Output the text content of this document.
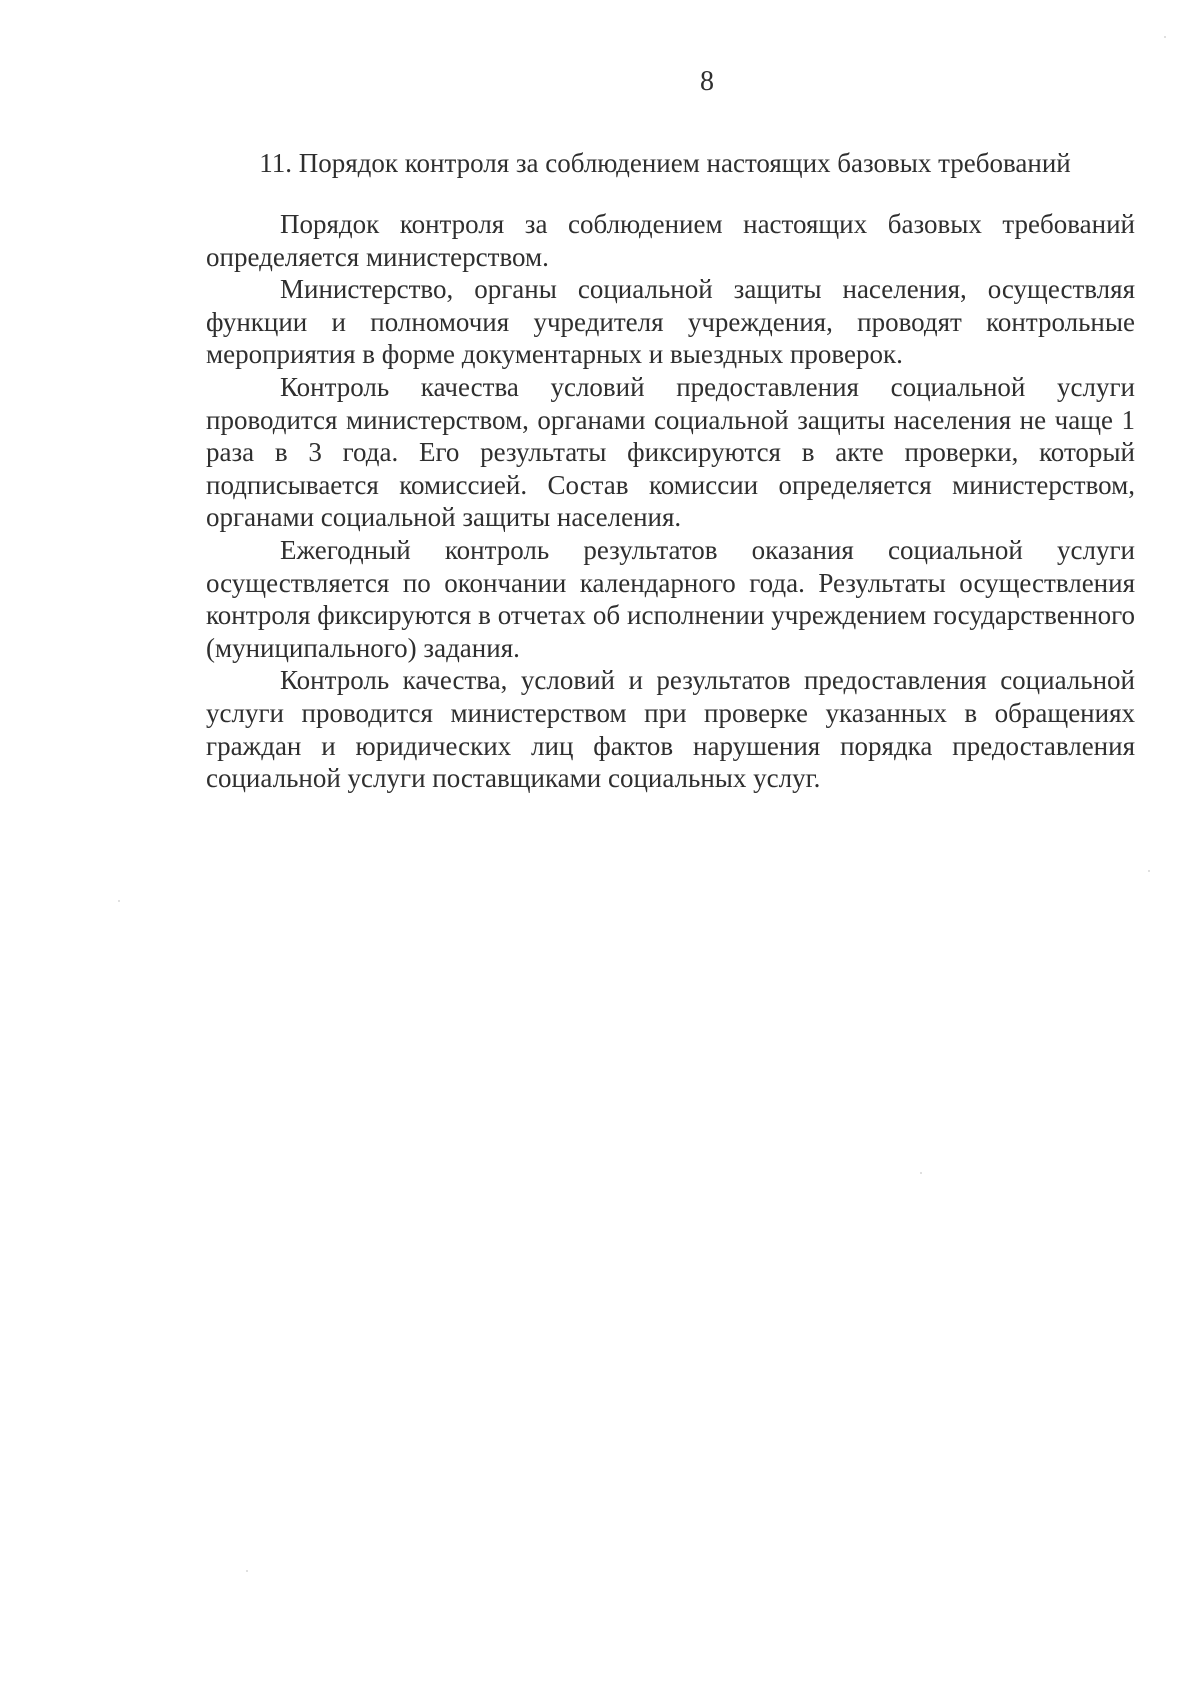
8
11. Порядок контроля за соблюдением настоящих базовых требований

Порядок контроля за соблюдением настоящих базовых требований определяется министерством.

Министерство, органы социальной защиты населения, осуществляя функции и полномочия учредителя учреждения, проводят контрольные мероприятия в форме документарных и выездных проверок.

Контроль качества условий предоставления социальной услуги проводится министерством, органами социальной защиты населения не чаще 1 раза в 3 года. Его результаты фиксируются в акте проверки, который подписывается комиссией. Состав комиссии определяется министерством, органами социальной защиты населения.

Ежегодный контроль результатов оказания социальной услуги осуществляется по окончании календарного года. Результаты осуществления контроля фиксируются в отчетах об исполнении учреждением государственного (муниципального) задания.

Контроль качества, условий и результатов предоставления социальной услуги проводится министерством при проверке указанных в обращениях граждан и юридических лиц фактов нарушения порядка предоставления социальной услуги поставщиками социальных услуг.
